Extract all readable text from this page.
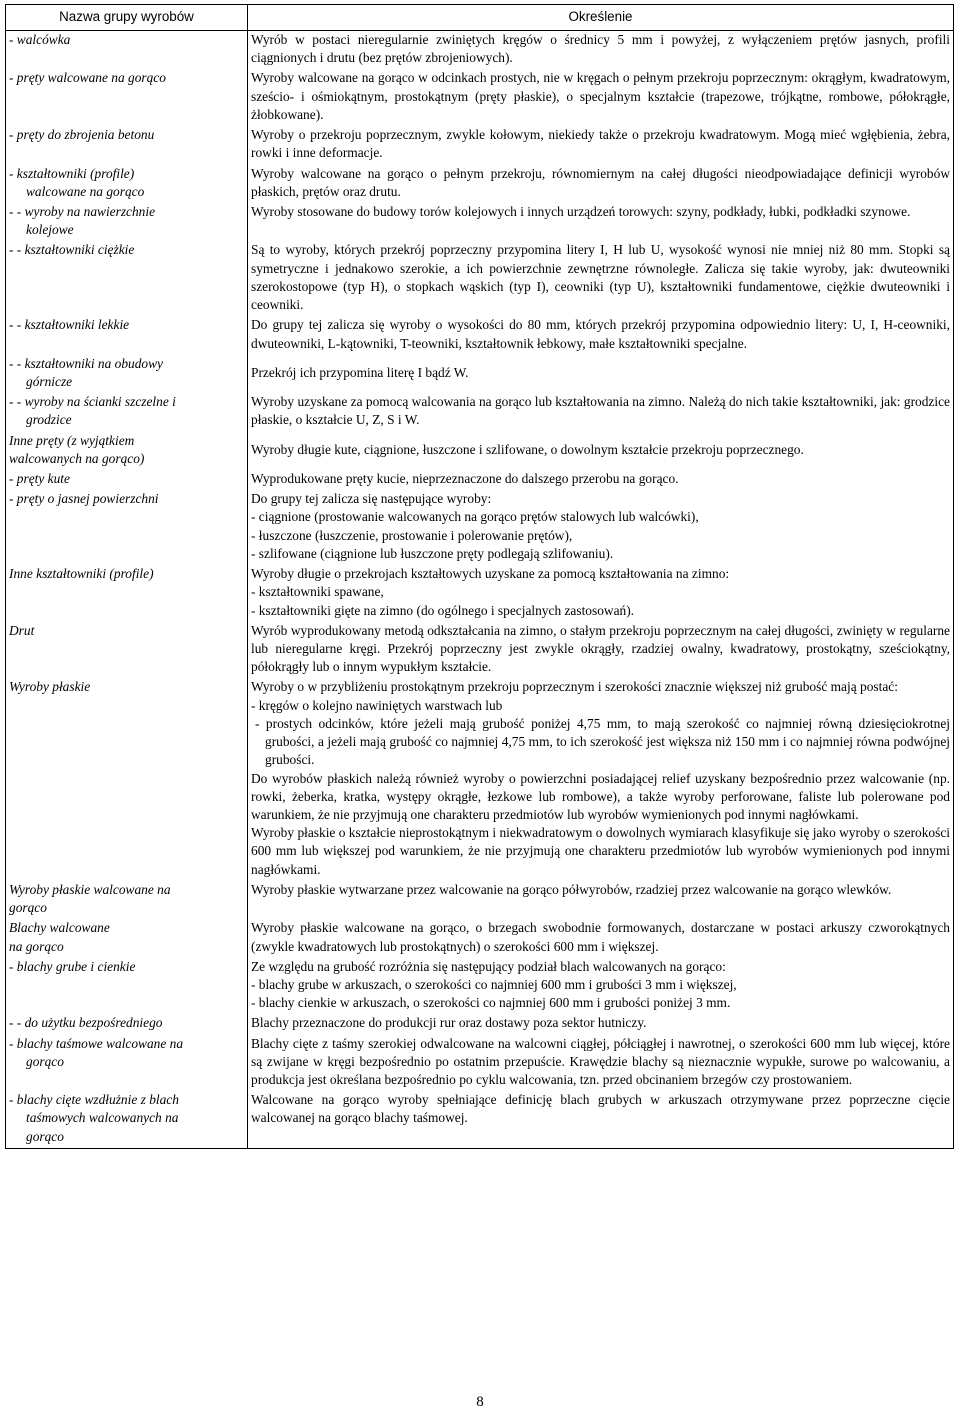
Nazwa grupy wyrobów	Określenie

- walcówka	Wyrób w postaci nieregularnie zwiniętych kręgów o średnicy 5 mm i powyżej, z wyłączeniem prętów jasnych, profili ciągnionych i drutu (bez prętów zbrojeniowych).

- pręty walcowane na gorąco	Wyroby walcowane na gorąco w odcinkach prostych, nie w kręgach o pełnym przekroju poprzecznym: okrągłym, kwadratowym, sześcio- i ośmiokątnym, prostokątnym (pręty płaskie), o specjalnym kształcie (trapezowe, trójkątne, rombowe, półokrągłe, żłobkowane).

- pręty do zbrojenia betonu	Wyroby o przekroju poprzecznym, zwykle kołowym, niekiedy także o przekroju kwadratowym. Mogą mieć wgłębienia, żebra, rowki i inne deformacje.

- kształtowniki (profile)
walcowane na gorąco	Wyroby walcowane na gorąco o pełnym przekroju, równomiernym na całej długości nieodpowiadające definicji wyrobów płaskich, prętów oraz drutu.

- - wyroby na nawierzchnie
kolejowe	Wyroby stosowane do budowy torów kolejowych i innych urządzeń torowych: szyny, podkłady, łubki, podkładki szynowe.

- - kształtowniki ciężkie	Są to wyroby, których przekrój poprzeczny przypomina litery I, H lub U, wysokość wynosi nie mniej niż 80 mm. Stopki są symetryczne i jednakowo szerokie, a ich powierzchnie zewnętrzne równoległe. Zalicza się takie wyroby, jak: dwuteowniki szerokostopowe (typ H), o stopkach wąskich (typ I), ceowniki (typ U), kształtowniki fundamentowe, ciężkie dwuteowniki i ceowniki.

- - kształtowniki lekkie	Do grupy tej zalicza się wyroby o wysokości do 80 mm, których przekrój przypomina odpowiednio litery: U, I, H-ceowniki, dwuteowniki, L-kątowniki, T-teowniki, kształtownik łebkowy, małe kształtowniki specjalne.

- - kształtowniki na obudowy
górnicze	Przekrój ich przypomina literę I bądź W.

- - wyroby na ścianki szczelne i
grodzice	Wyroby uzyskane za pomocą walcowania na gorąco lub kształtowania na zimno. Należą do nich takie kształtowniki, jak: grodzice płaskie, o kształcie U, Z, S i W.

Inne pręty (z wyjątkiem
walcowanych na gorąco)	Wyroby długie kute, ciągnione, łuszczone i szlifowane, o dowolnym kształcie przekroju poprzecznego.

- pręty kute	Wyprodukowane pręty kucie, nieprzeznaczone do dalszego przerobu na gorąco.

- pręty o jasnej powierzchni	Do grupy tej zalicza się następujące wyroby:
- ciągnione (prostowanie walcowanych na gorąco prętów stalowych lub walcówki),
- łuszczone (łuszczenie, prostowanie i polerowanie prętów),
- szlifowane (ciągnione lub łuszczone pręty podlegają szlifowaniu).

Inne kształtowniki (profile)	Wyroby długie o przekrojach kształtowych uzyskane za pomocą kształtowania na zimno:
- kształtowniki spawane,
- kształtowniki gięte na zimno (do ogólnego i specjalnych zastosowań).

Drut	Wyrób wyprodukowany metodą odkształcania na zimno, o stałym przekroju poprzecznym na całej długości, zwinięty w regularne lub nieregularne kręgi. Przekrój poprzeczny jest zwykle okrągły, rzadziej owalny, kwadratowy, prostokątny, sześciokątny, półokrągły lub o innym wypukłym kształcie.

Wyroby płaskie	Wyroby o w przybliżeniu prostokątnym przekroju poprzecznym i szerokości znacznie większej niż grubość mają postać:
- kręgów o kolejno nawiniętych warstwach lub
- prostych odcinków, które jeżeli mają grubość poniżej 4,75 mm, to mają szerokość co najmniej równą dziesięciokrotnej grubości, a jeżeli mają grubość co najmniej 4,75 mm, to ich szerokość jest większa niż 150 mm i co najmniej równa podwójnej grubości.
Do wyrobów płaskich należą również wyroby o powierzchni posiadającej relief uzyskany bezpośrednio przez walcowanie (np. rowki, żeberka, kratka, występy okrągłe, łezkowe lub rombowe), a także wyroby perforowane, faliste lub polerowane pod warunkiem, że nie przyjmują one charakteru przedmiotów lub wyrobów wymienionych pod innymi nagłówkami.
Wyroby płaskie o kształcie nieprostokątnym i niekwadratowym o dowolnych wymiarach klasyfikuje się jako wyroby o szerokości 600 mm lub większej pod warunkiem, że nie przyjmują one charakteru przedmiotów lub wyrobów wymienionych pod innymi nagłówkami.

Wyroby płaskie walcowane na
gorąco	Wyroby płaskie wytwarzane przez walcowanie na gorąco półwyrobów, rzadziej przez walcowanie na gorąco wlewków.

Blachy walcowane
na gorąco	Wyroby płaskie walcowane na gorąco, o brzegach swobodnie formowanych, dostarczane w postaci arkuszy czworokątnych (zwykle kwadratowych lub prostokątnych) o szerokości 600 mm i większej.

- blachy grube i cienkie	Ze względu na grubość rozróżnia się następujący podział blach walcowanych na gorąco:
- blachy grube w arkuszach, o szerokości co najmniej 600 mm i grubości 3 mm i większej,
- blachy cienkie w arkuszach, o szerokości co najmniej 600 mm i grubości poniżej 3 mm.

- - do użytku bezpośredniego	Blachy przeznaczone do produkcji rur oraz dostawy poza sektor hutniczy.

- blachy taśmowe walcowane na
gorąco	Blachy cięte z taśmy szerokiej odwalcowane na walcowni ciągłej, półciągłej i nawrotnej, o szerokości 600 mm lub więcej, które są zwijane w kręgi bezpośrednio po ostatnim przepuście. Krawędzie blachy są nieznacznie wypukłe, surowe po walcowaniu, a produkcja jest określana bezpośrednio po cyklu walcowania, tzn. przed obcinaniem brzegów czy prostowaniem.

- blachy cięte wzdłużnie z blach
taśmowych walcowanych na
gorąco	Walcowane na gorąco wyroby spełniające definicję blach grubych w arkuszach otrzymywane przez poprzeczne cięcie walcowanej na gorąco blachy taśmowej.
8
